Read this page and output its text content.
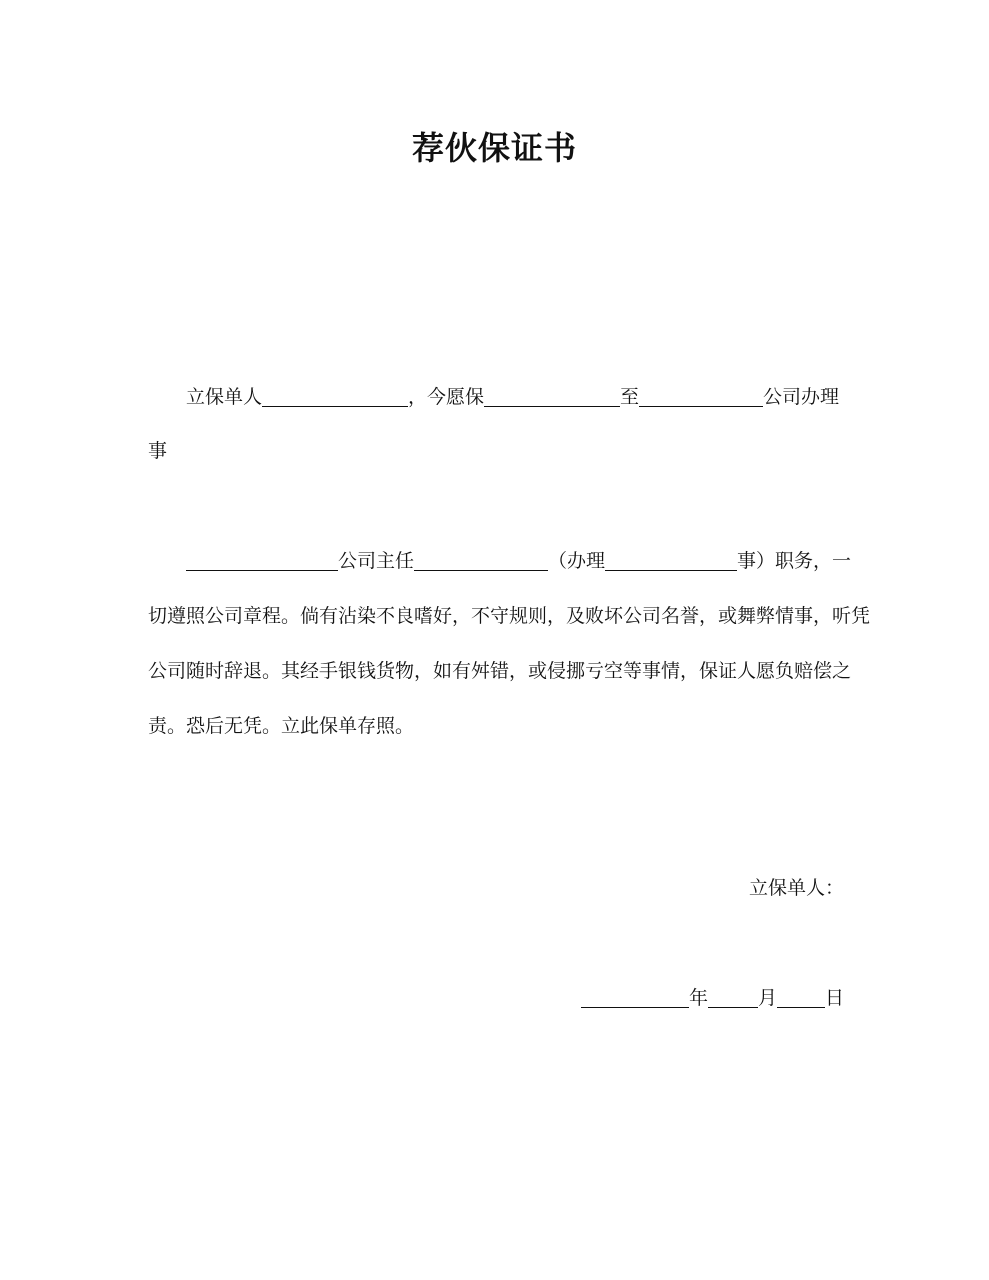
荐伙保证书
立保单人	，今愿保	至	公司办理
事
公司主任	（办理	事）职务，一
切遵照公司章程。倘有沾染不良嗜好，不守规则，及败坏公司名誉，或舞弊情事，听凭
公司随时辞退。其经手银钱货物，如有舛错，或侵挪亏空等事情，保证人愿负赔偿之
责。恐后无凭。立此保单存照。
立保单人：
年	月	日
